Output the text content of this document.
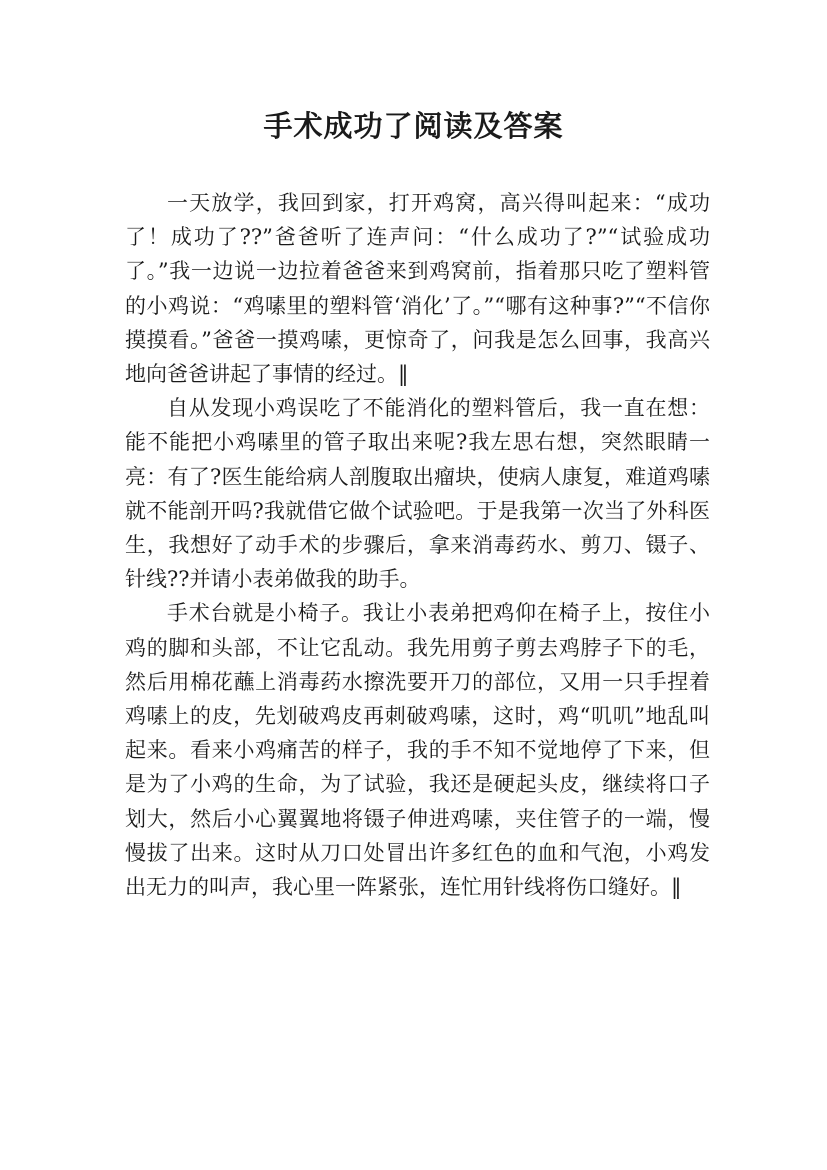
手术成功了阅读及答案

一天放学，我回到家，打开鸡窝，高兴得叫起来：“成功了！成功了??”爸爸听了连声问：“什么成功了?”“试验成功了。”我一边说一边拉着爸爸来到鸡窝前，指着那只吃了塑料管的小鸡说：“鸡嗉里的塑料管‘消化’了。”“哪有这种事?”“不信你摸摸看。”爸爸一摸鸡嗉，更惊奇了，问我是怎么回事，我高兴地向爸爸讲起了事情的经过。‖

自从发现小鸡误吃了不能消化的塑料管后，我一直在想：能不能把小鸡嗉里的管子取出来呢?我左思右想，突然眼睛一亮：有了?医生能给病人剖腹取出瘤块，使病人康复，难道鸡嗉就不能剖开吗?我就借它做个试验吧。于是我第一次当了外科医生，我想好了动手术的步骤后，拿来消毒药水、剪刀、镊子、针线??并请小表弟做我的助手。

手术台就是小椅子。我让小表弟把鸡仰在椅子上，按住小鸡的脚和头部，不让它乱动。我先用剪子剪去鸡脖子下的毛，然后用棉花蘸上消毒药水擦洗要开刀的部位，又用一只手捏着鸡嗉上的皮，先划破鸡皮再刺破鸡嗉，这时，鸡“叽叽”地乱叫起来。看来小鸡痛苦的样子，我的手不知不觉地停了下来，但是为了小鸡的生命，为了试验，我还是硬起头皮，继续将口子划大，然后小心翼翼地将镊子伸进鸡嗉，夹住管子的一端，慢慢拔了出来。这时从刀口处冒出许多红色的血和气泡，小鸡发出无力的叫声，我心里一阵紧张，连忙用针线将伤口缝好。‖
